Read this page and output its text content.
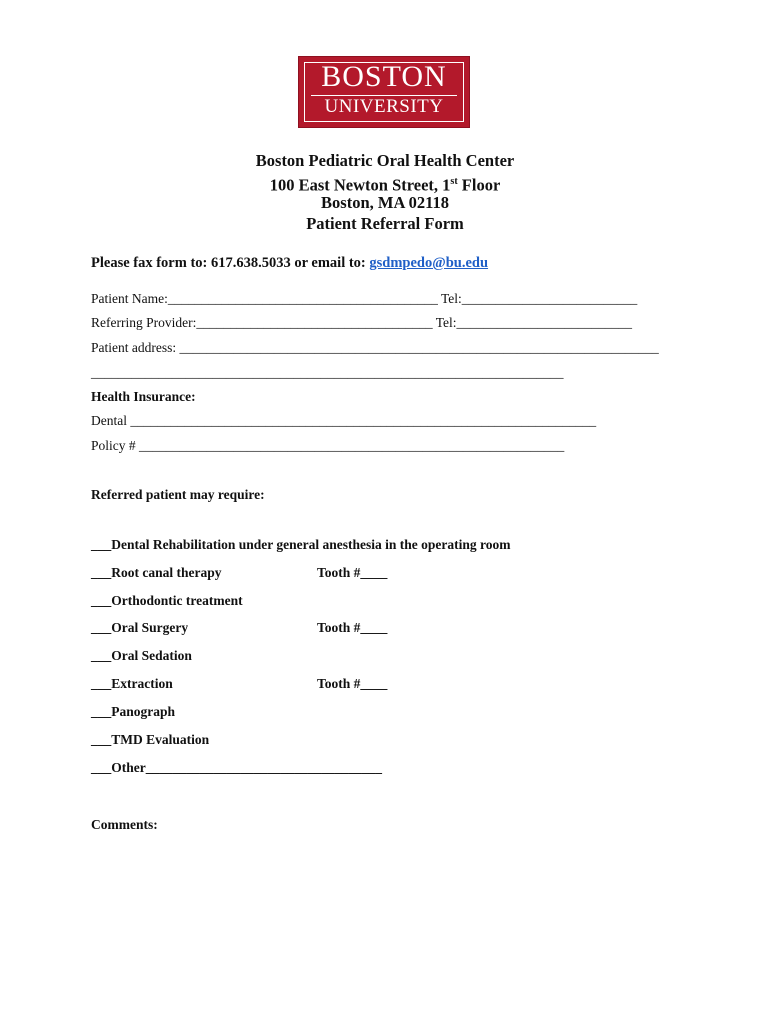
BOSTON
UNIVERSITY
Boston Pediatric Oral Health Center
100 East Newton Street, 1st Floor
Boston, MA 02118
Patient Referral Form
Please fax form to: 617.638.5033 or email to: gsdmpedo@bu.edu
Patient Name:________________________________________ Tel:__________________________
Referring Provider:___________________________________ Tel:__________________________
Patient address: _______________________________________________________________________
______________________________________________________________________
Health Insurance:
Dental _____________________________________________________________________
Policy # _______________________________________________________________
Referred patient may require:
___Dental Rehabilitation under general anesthesia in the operating room
___Root canal therapy	Tooth #____
___Orthodontic treatment
___Oral Surgery	Tooth #____
___Oral Sedation
___Extraction	Tooth #____
___Panograph
___TMD Evaluation
___Other___________________________________
Comments:
